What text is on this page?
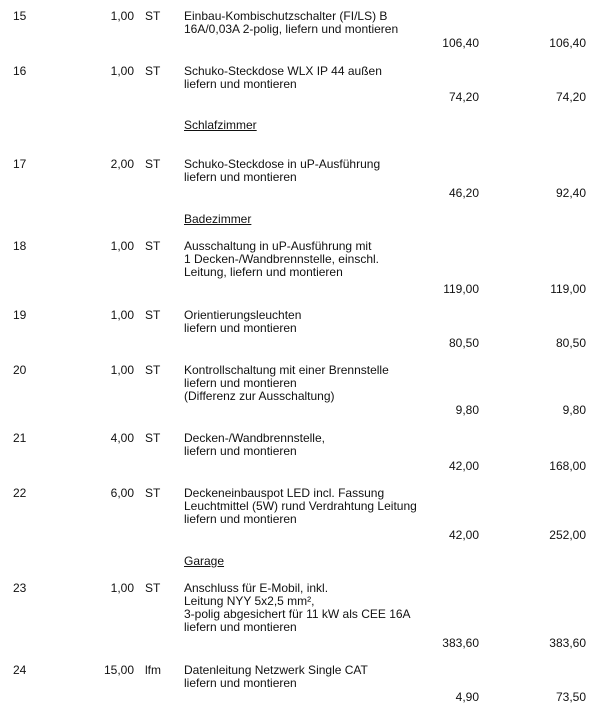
15	1,00 ST Einbau-Kombischutzschalter (FI/LS) B
16A/0,03A 2-polig, liefern und montieren
106,40	106,40
16	1,00 ST Schuko-Steckdose WLX IP 44 außen
liefern und montieren
74,20	74,20
Schlafzimmer
17	2,00 ST Schuko-Steckdose in uP-Ausführung
liefern und montieren
46,20	92,40
Badezimmer
18	1,00 ST Ausschaltung in uP-Ausführung mit
1 Decken-/Wandbrennstelle, einschl.
Leitung, liefern und montieren
119,00	119,00
19	1,00 ST Orientierungsleuchten
liefern und montieren
80,50	80,50
20	1,00 ST Kontrollschaltung mit einer Brennstelle
liefern und montieren
(Differenz zur Ausschaltung)
9,80	9,80
21	4,00 ST Decken-/Wandbrennstelle,
liefern und montieren
42,00	168,00
22	6,00 ST Deckeneinbauspot LED incl. Fassung
Leuchtmittel (5W) rund Verdrahtung Leitung
liefern und montieren
42,00	252,00
Garage
23	1,00 ST Anschluss für E-Mobil, inkl.
Leitung NYY 5x2,5 mm²,
3-polig abgesichert für 11 kW als CEE 16A
liefern und montieren
383,60	383,60
24	15,00 lfm Datenleitung Netzwerk Single CAT
liefern und montieren
4,90	73,50
